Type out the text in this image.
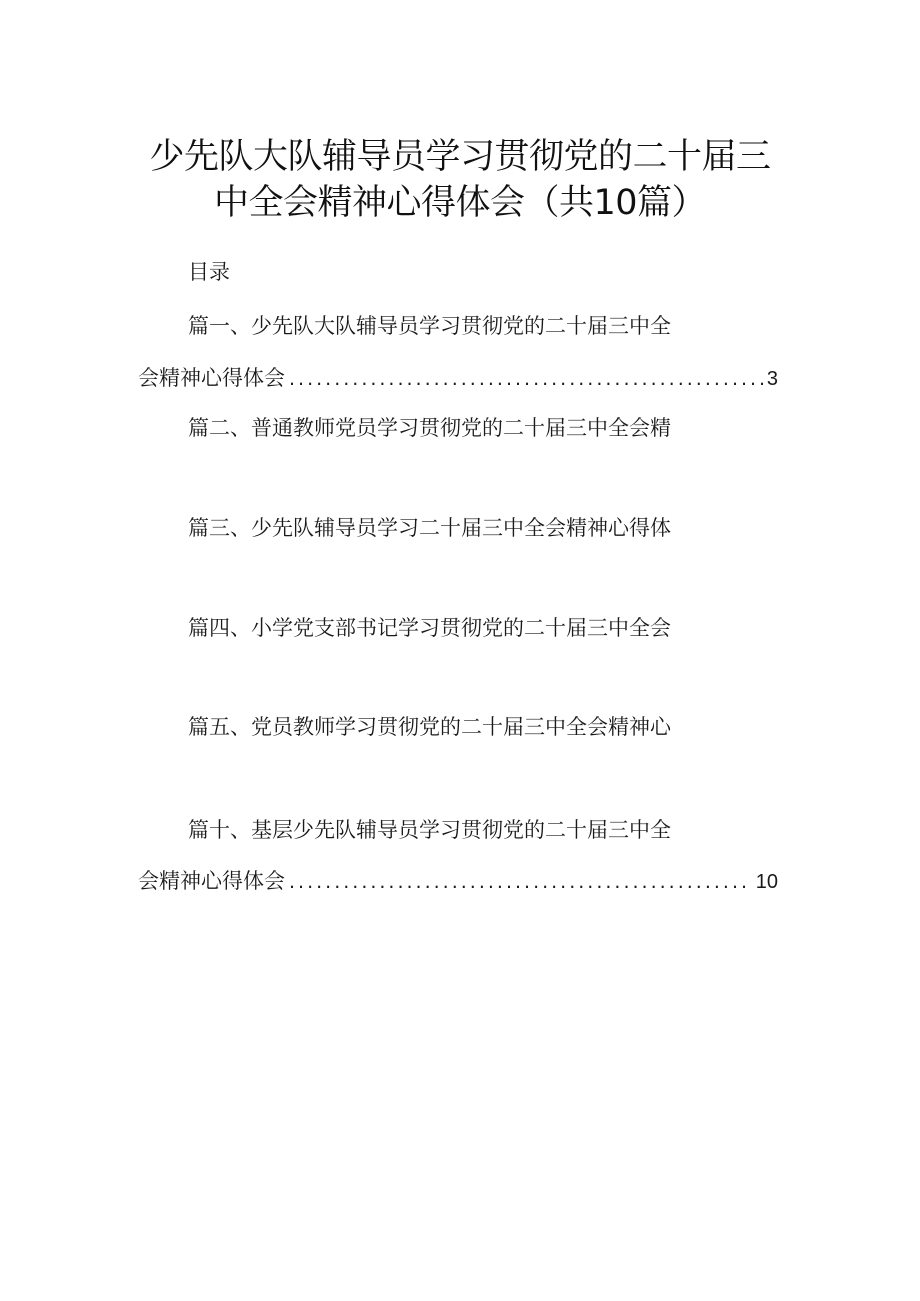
少先队大队辅导员学习贯彻党的二十届三
中全会精神心得体会（共10篇）
目录
篇一、少先队大队辅导员学习贯彻党的二十届三中全
会精神心得体会 .....	3
篇二、普通教师党员学习贯彻党的二十届三中全会精
篇三、少先队辅导员学习二十届三中全会精神心得体
篇四、小学党支部书记学习贯彻党的二十届三中全会
篇五、党员教师学习贯彻党的二十届三中全会精神心
篇十、基层少先队辅导员学习贯彻党的二十届三中全
会精神心得体会 .....	10
